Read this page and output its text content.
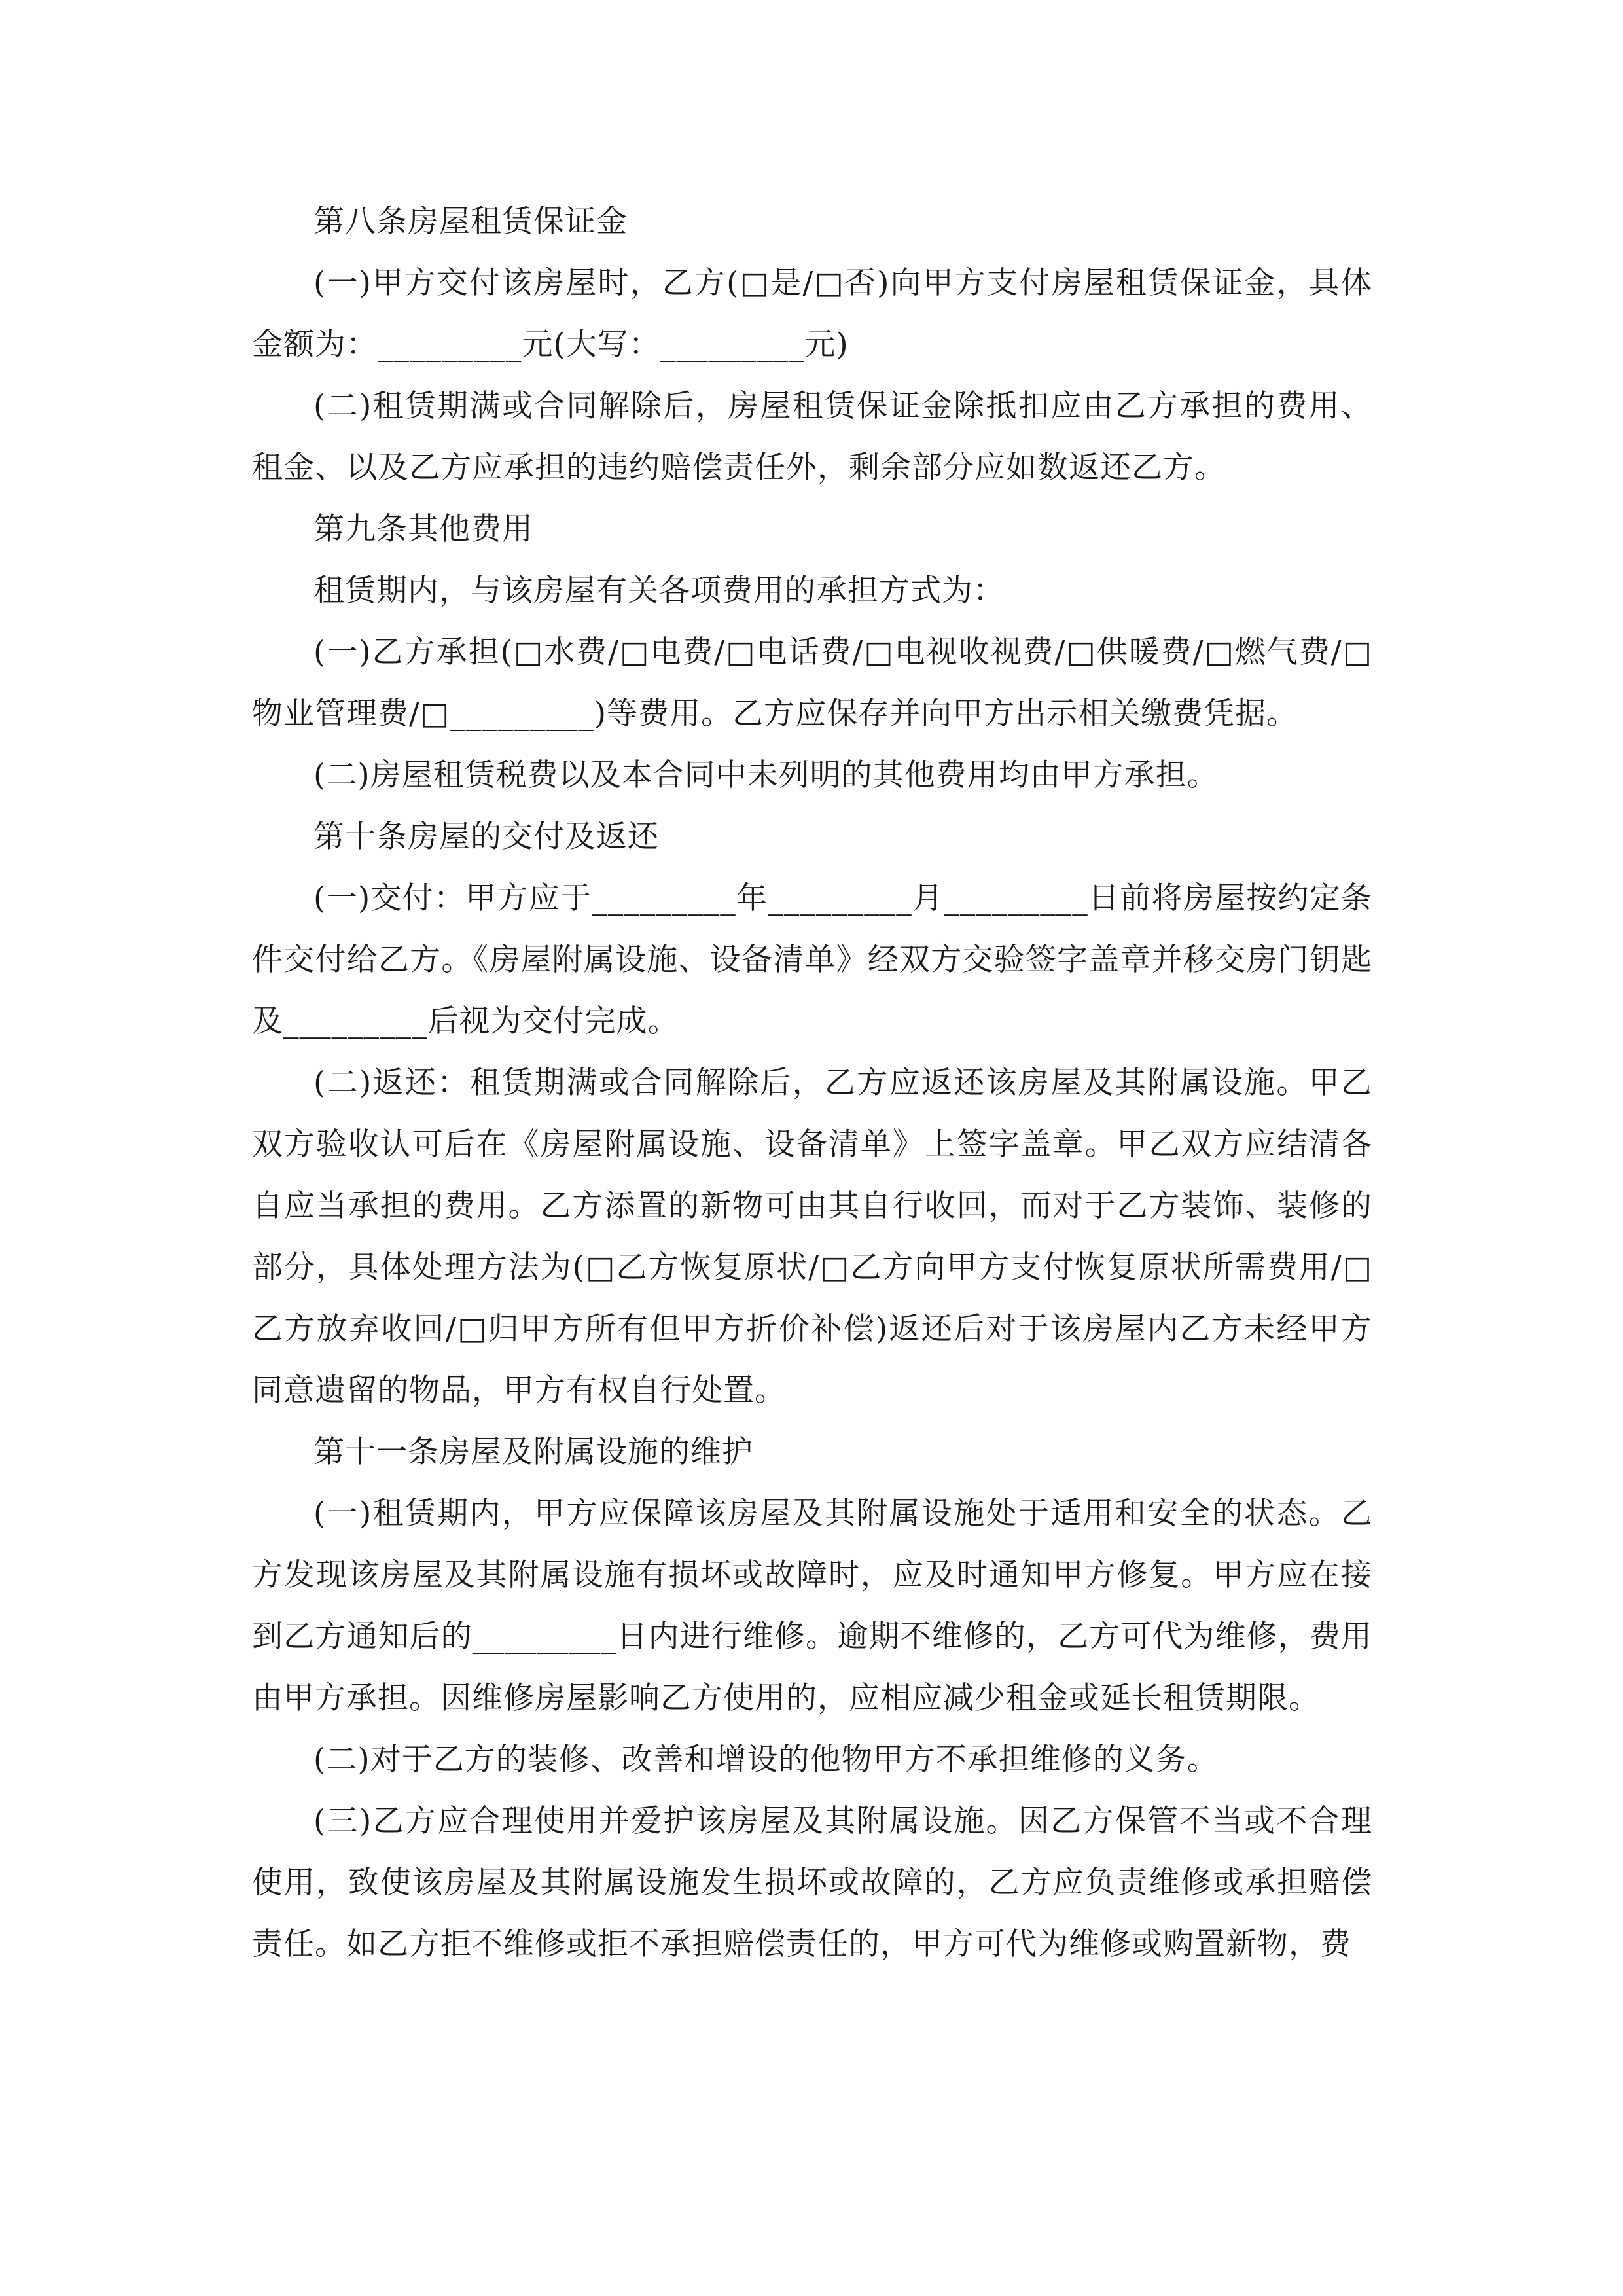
第八条房屋租赁保证金

(一)甲方交付该房屋时，乙方(□是/□否)向甲方支付房屋租赁保证金，具体金额为：_________元(大写：_________元)

(二)租赁期满或合同解除后，房屋租赁保证金除抵扣应由乙方承担的费用、租金、以及乙方应承担的违约赔偿责任外，剩余部分应如数返还乙方。

第九条其他费用

租赁期内，与该房屋有关各项费用的承担方式为：

(一)乙方承担(□水费/□电费/□电话费/□电视收视费/□供暖费/□燃气费/□物业管理费/□_________)等费用。乙方应保存并向甲方出示相关缴费凭据。

(二)房屋租赁税费以及本合同中未列明的其他费用均由甲方承担。

第十条房屋的交付及返还

(一)交付：甲方应于_________年_________月_________日前将房屋按约定条件交付给乙方。《房屋附属设施、设备清单》经双方交验签字盖章并移交房门钥匙及_________后视为交付完成。

(二)返还：租赁期满或合同解除后，乙方应返还该房屋及其附属设施。甲乙双方验收认可后在《房屋附属设施、设备清单》上签字盖章。甲乙双方应结清各自应当承担的费用。乙方添置的新物可由其自行收回，而对于乙方装饰、装修的部分，具体处理方法为(□乙方恢复原状/□乙方向甲方支付恢复原状所需费用/□乙方放弃收回/□归甲方所有但甲方折价补偿)返还后对于该房屋内乙方未经甲方同意遗留的物品，甲方有权自行处置。

第十一条房屋及附属设施的维护

(一)租赁期内，甲方应保障该房屋及其附属设施处于适用和安全的状态。乙方发现该房屋及其附属设施有损坏或故障时，应及时通知甲方修复。甲方应在接到乙方通知后的_________日内进行维修。逾期不维修的，乙方可代为维修，费用由甲方承担。因维修房屋影响乙方使用的，应相应减少租金或延长租赁期限。

(二)对于乙方的装修、改善和增设的他物甲方不承担维修的义务。

(三)乙方应合理使用并爱护该房屋及其附属设施。因乙方保管不当或不合理使用，致使该房屋及其附属设施发生损坏或故障的，乙方应负责维修或承担赔偿责任。如乙方拒不维修或拒不承担赔偿责任的，甲方可代为维修或购置新物，费
